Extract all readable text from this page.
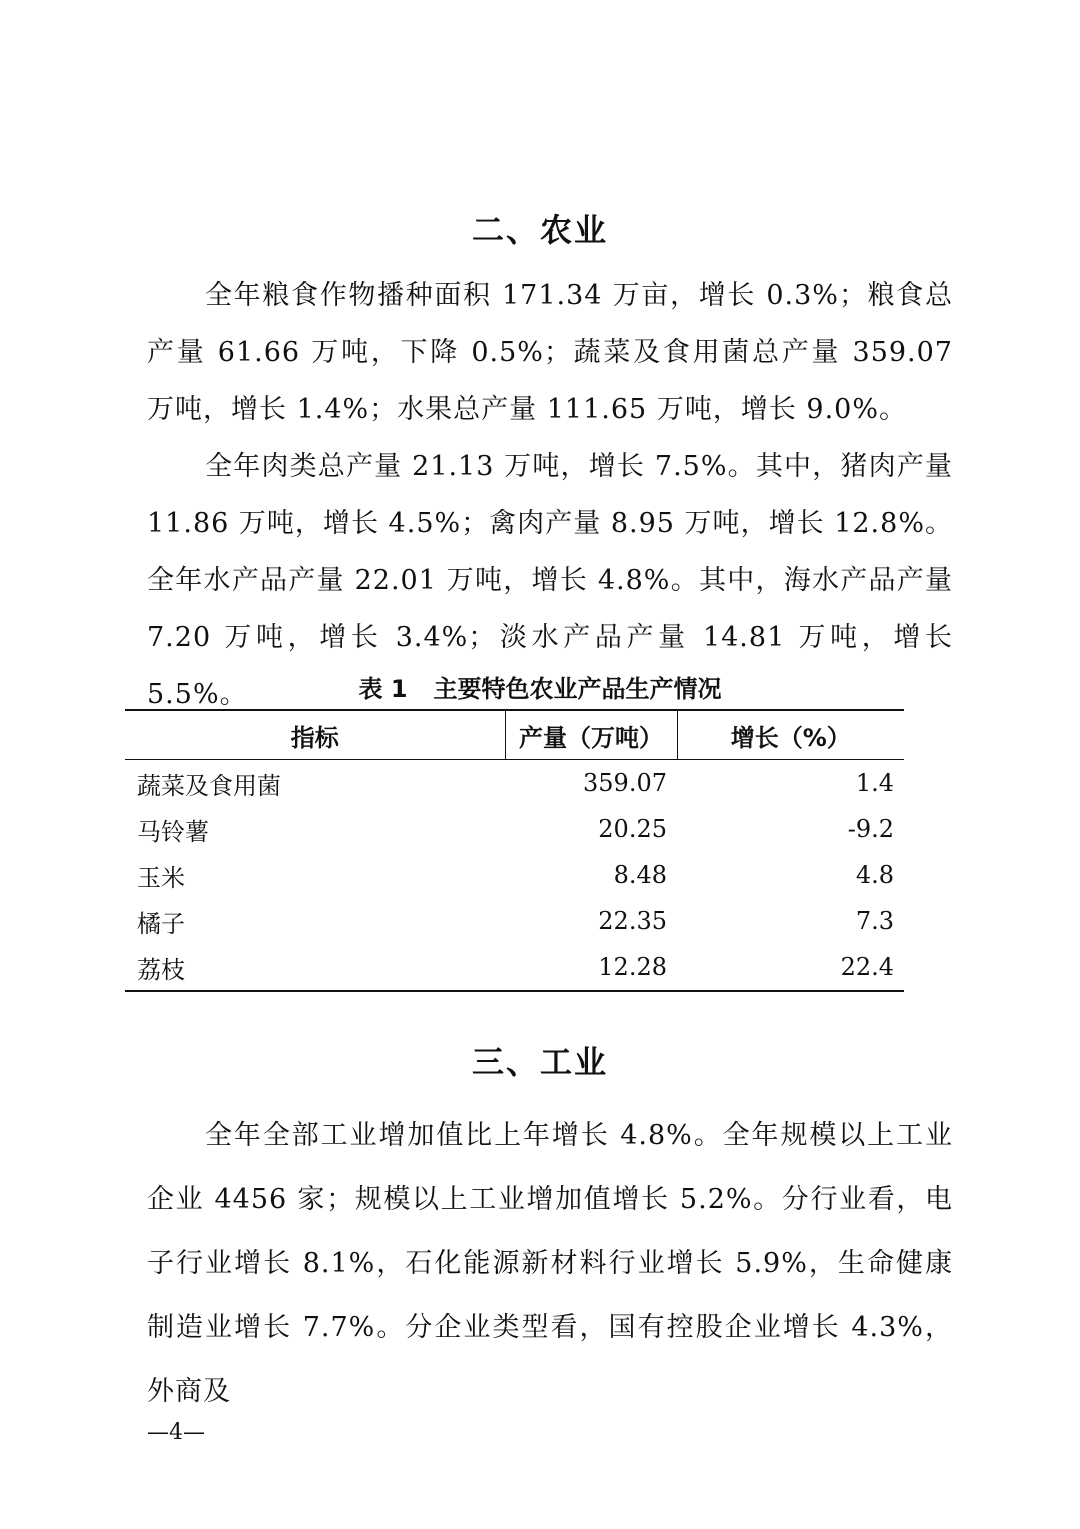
二、农业

全年粮食作物播种面积 171.34 万亩，增长 0.3%；粮食总产量 61.66 万吨，下降 0.5%；蔬菜及食用菌总产量 359.07 万吨，增长 1.4%；水果总产量 111.65 万吨，增长 9.0%。

全年肉类总产量 21.13 万吨，增长 7.5%。其中，猪肉产量 11.86 万吨，增长 4.5%；禽肉产量 8.95 万吨，增长 12.8%。全年水产品产量 22.01 万吨，增长 4.8%。其中，海水产品产量 7.20 万吨，增长 3.4%；淡水产品产量 14.81 万吨，增长 5.5%。	表 1 主要特色农业产品生产情况
指标	产量（万吨）	增长（%）
蔬菜及食用菌	359.07	1.4
马铃薯	20.25	-9.2
玉米	8.48	4.8
橘子	22.35	7.3
荔枝	12.28	22.4
三、工业

全年全部工业增加值比上年增长 4.8%。全年规模以上工业企业 4456 家；规模以上工业增加值增长 5.2%。分行业看，电子行业增长 8.1%，石化能源新材料行业增长 5.9%，生命健康制造业增长 7.7%。分企业类型看，国有控股企业增长 4.3%，外商及

—4—
